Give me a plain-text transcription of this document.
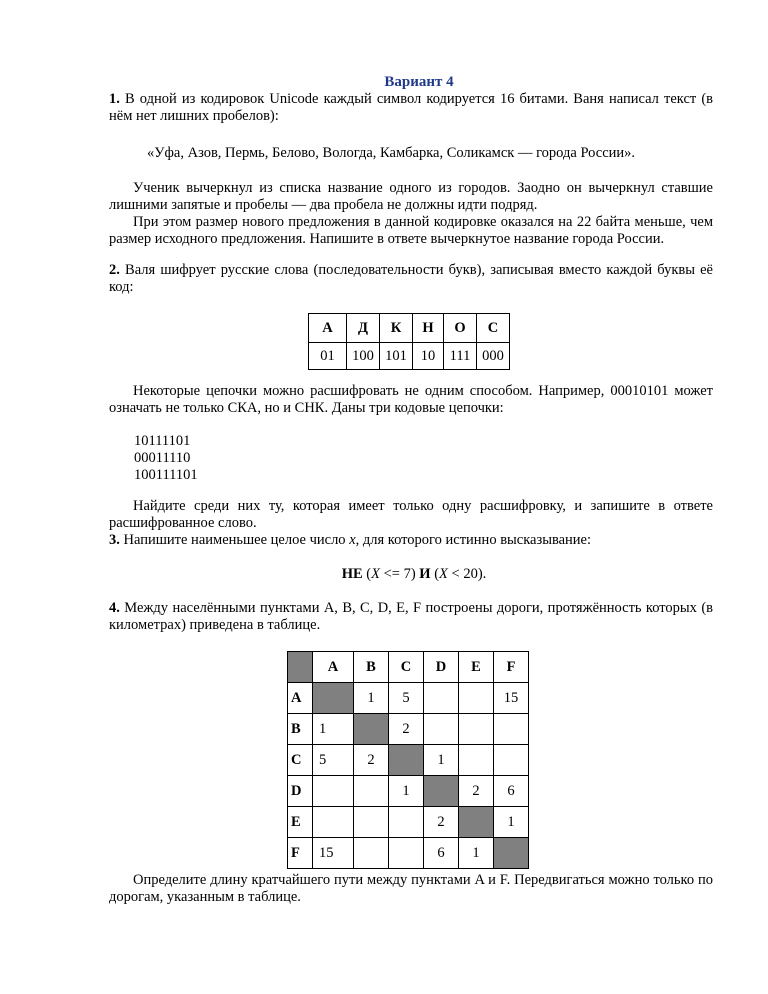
Вариант 4
1. В одной из кодировок Unicode каждый символ кодируется 16 битами. Ваня написал текст (в нём нет лишних пробелов):
«Уфа, Азов, Пермь, Белово, Вологда, Камбарка, Соликамск — города России».
Ученик вычеркнул из списка название одного из городов. Заодно он вычеркнул ставшие лишними запятые и пробелы — два пробела не должны идти подряд.
При этом размер нового предложения в данной кодировке оказался на 22 байта меньше, чем размер исходного предложения. Напишите в ответе вычеркнутое название города России.
2. Валя шифрует русские слова (последовательности букв), записывая вместо каждой буквы её код:
А	Д	К	Н	О	С
01	100	101	10	111	000
Некоторые цепочки можно расшифровать не одним способом. Например, 00010101 может означать не только СКА, но и СНК. Даны три кодовые цепочки:
10111101
00011110
100111101
Найдите среди них ту, которая имеет только одну расшифровку, и запишите в ответе расшифрованное слово.
3. Напишите наименьшее целое число x, для которого истинно высказывание:
НЕ (X <= 7) И (X < 20).
4. Между населёнными пунктами A, B, C, D, E, F построены дороги, протяжённость которых (в километрах) приведена в таблице.
	A	B	C	D	E	F
A		1	5			15
B	1		2			
C	5	2		1		
D			1		2	6
E				2		1
F	15			6	1	
Определите длину кратчайшего пути между пунктами A и F. Передвигаться можно только по дорогам, указанным в таблице.
